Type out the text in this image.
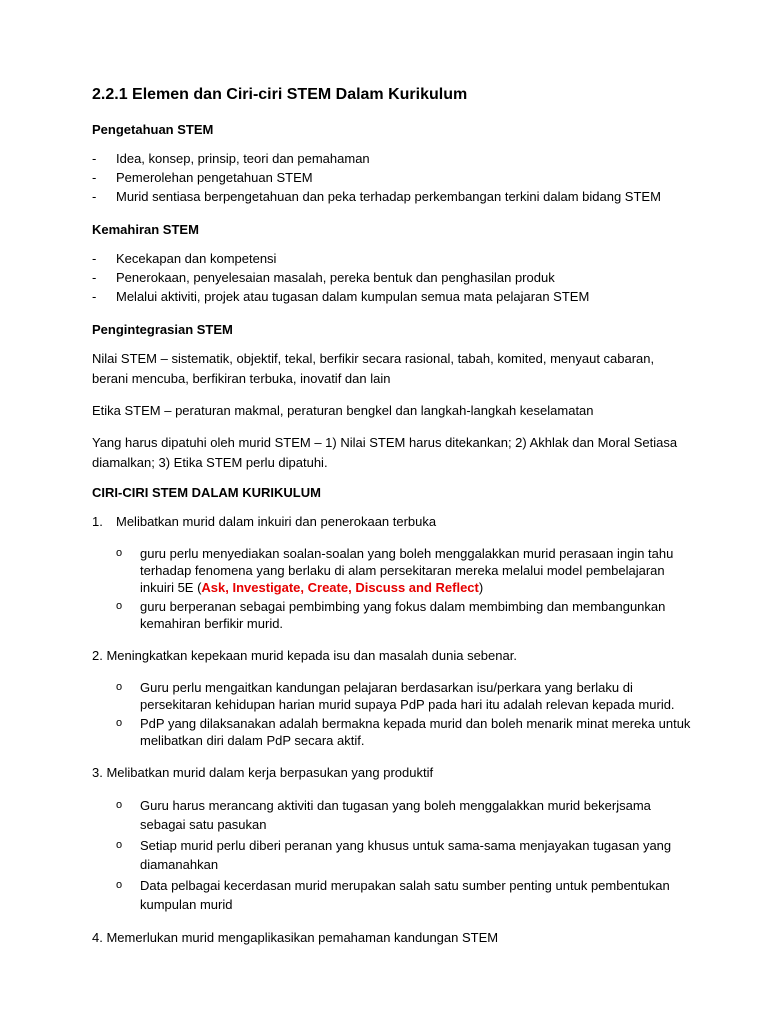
2.2.1 Elemen dan Ciri-ciri STEM Dalam Kurikulum
Pengetahuan STEM
- Idea, konsep, prinsip, teori dan pemahaman
- Pemerolehan pengetahuan STEM
- Murid sentiasa berpengetahuan dan peka terhadap perkembangan terkini dalam bidang STEM
Kemahiran STEM
- Kecekapan dan kompetensi
- Penerokaan, penyelesaian masalah, pereka bentuk dan penghasilan produk
- Melalui aktiviti, projek atau tugasan dalam kumpulan semua mata pelajaran STEM
Pengintegrasian STEM

Nilai STEM – sistematik, objektif, tekal, berfikir secara rasional, tabah, komited, menyaut cabaran, berani mencuba, berfikiran terbuka, inovatif dan lain

Etika STEM – peraturan makmal, peraturan bengkel dan langkah-langkah keselamatan

Yang harus dipatuhi oleh murid STEM – 1) Nilai STEM harus ditekankan; 2) Akhlak dan Moral Setiasa diamalkan; 3) Etika STEM perlu dipatuhi.

CIRI-CIRI STEM DALAM KURIKULUM
1. Melibatkan murid dalam inkuiri dan penerokaan terbuka
o guru perlu menyediakan soalan-soalan yang boleh menggalakkan murid perasaan ingin tahu terhadap fenomena yang berlaku di alam persekitaran mereka melalui model pembelajaran inkuiri 5E (Ask, Investigate, Create, Discuss and Reflect)
o guru berperanan sebagai pembimbing yang fokus dalam membimbing dan membangunkan kemahiran berfikir murid.
2. Meningkatkan kepekaan murid kepada isu dan masalah dunia sebenar.
o Guru perlu mengaitkan kandungan pelajaran berdasarkan isu/perkara yang berlaku di persekitaran kehidupan harian murid supaya PdP pada hari itu adalah relevan kepada murid.
o PdP yang dilaksanakan adalah bermakna kepada murid dan boleh menarik minat mereka untuk melibatkan diri dalam PdP secara aktif.
3. Melibatkan murid dalam kerja berpasukan yang produktif
o Guru harus merancang aktiviti dan tugasan yang boleh menggalakkan murid bekerjsama sebagai satu pasukan
o Setiap murid perlu diberi peranan yang khusus untuk sama-sama menjayakan tugasan yang diamanahkan
o Data pelbagai kecerdasan murid merupakan salah satu sumber penting untuk pembentukan kumpulan murid
4. Memerlukan murid mengaplikasikan pemahaman kandungan STEM
